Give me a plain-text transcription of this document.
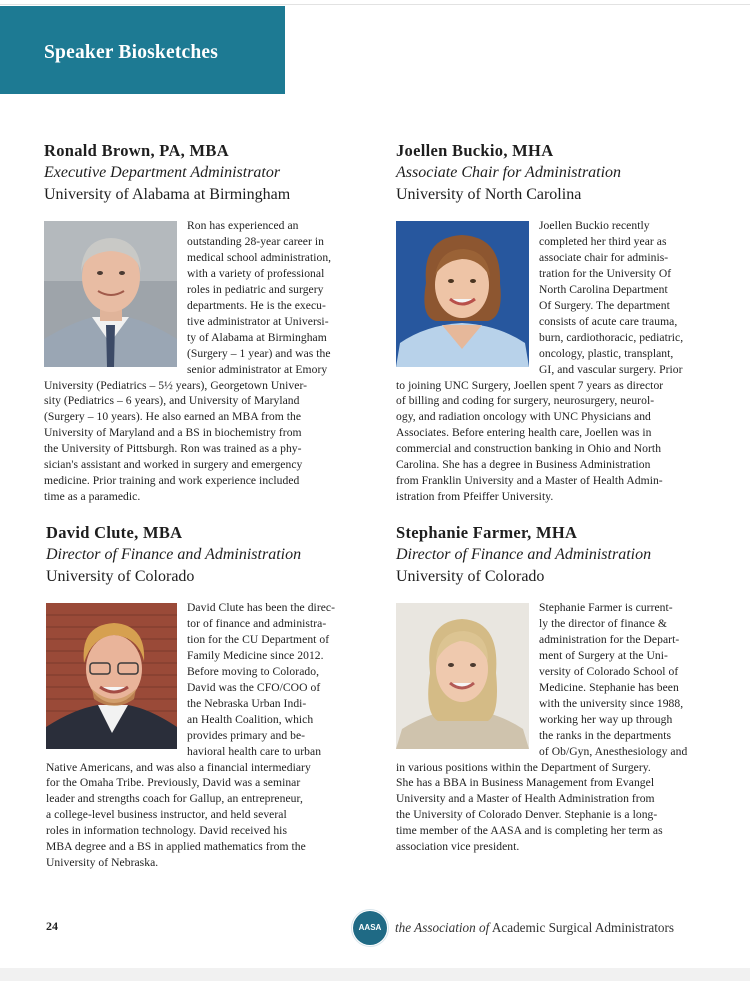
Speaker Biosketches
Ronald Brown, PA, MBA
Executive Department Administrator
University of Alabama at Birmingham
Ron has experienced an
outstanding 28-year career in
medical school administration,
with a variety of professional
roles in pediatric and surgery
departments. He is the execu-
tive administrator at Universi-
ty of Alabama at Birmingham
(Surgery – 1 year) and was the
senior administrator at Emory
University (Pediatrics – 5½ years), Georgetown Univer-
sity (Pediatrics – 6 years), and University of Maryland
(Surgery – 10 years). He also earned an MBA from the
University of Maryland and a BS in biochemistry from
the University of Pittsburgh. Ron was trained as a phy-
sician's assistant and worked in surgery and emergency
medicine. Prior training and work experience included
time as a paramedic.
Joellen Buckio, MHA
Associate Chair for Administration
University of North Carolina
Joellen Buckio recently
completed her third year as
associate chair for adminis-
tration for the University Of
North Carolina Department
Of Surgery. The department
consists of acute care trauma,
burn, cardiothoracic, pediatric,
oncology, plastic, transplant,
GI, and vascular surgery. Prior
to joining UNC Surgery, Joellen spent 7 years as director
of billing and coding for surgery, neurosurgery, neurol-
ogy, and radiation oncology with UNC Physicians and
Associates. Before entering health care, Joellen was in
commercial and construction banking in Ohio and North
Carolina. She has a degree in Business Administration
from Franklin University and a Master of Health Admin-
istration from Pfeiffer University.
David Clute, MBA
Director of Finance and Administration
University of Colorado
David Clute has been the direc-
tor of finance and administra-
tion for the CU Department of
Family Medicine since 2012.
Before moving to Colorado,
David was the CFO/COO of
the Nebraska Urban Indi-
an Health Coalition, which
provides primary and be-
havioral health care to urban
Native Americans, and was also a financial intermediary
for the Omaha Tribe. Previously, David was a seminar
leader and strengths coach for Gallup, an entrepreneur,
a college-level business instructor, and held several
roles in information technology. David received his
MBA degree and a BS in applied mathematics from the
University of Nebraska.
Stephanie Farmer, MHA
Director of Finance and Administration
University of Colorado
Stephanie Farmer is current-
ly the director of finance &
administration for the Depart-
ment of Surgery at the Uni-
versity of Colorado School of
Medicine. Stephanie has been
with the university since 1988,
working her way up through
the ranks in the departments
of Ob/Gyn, Anesthesiology and
in various positions within the Department of Surgery.
She has a BBA in Business Management from Evangel
University and a Master of Health Administration from
the University of Colorado Denver. Stephanie is a long-
time member of the AASA and is completing her term as
association vice president.
24	AASA	the Association of Academic Surgical Administrators
